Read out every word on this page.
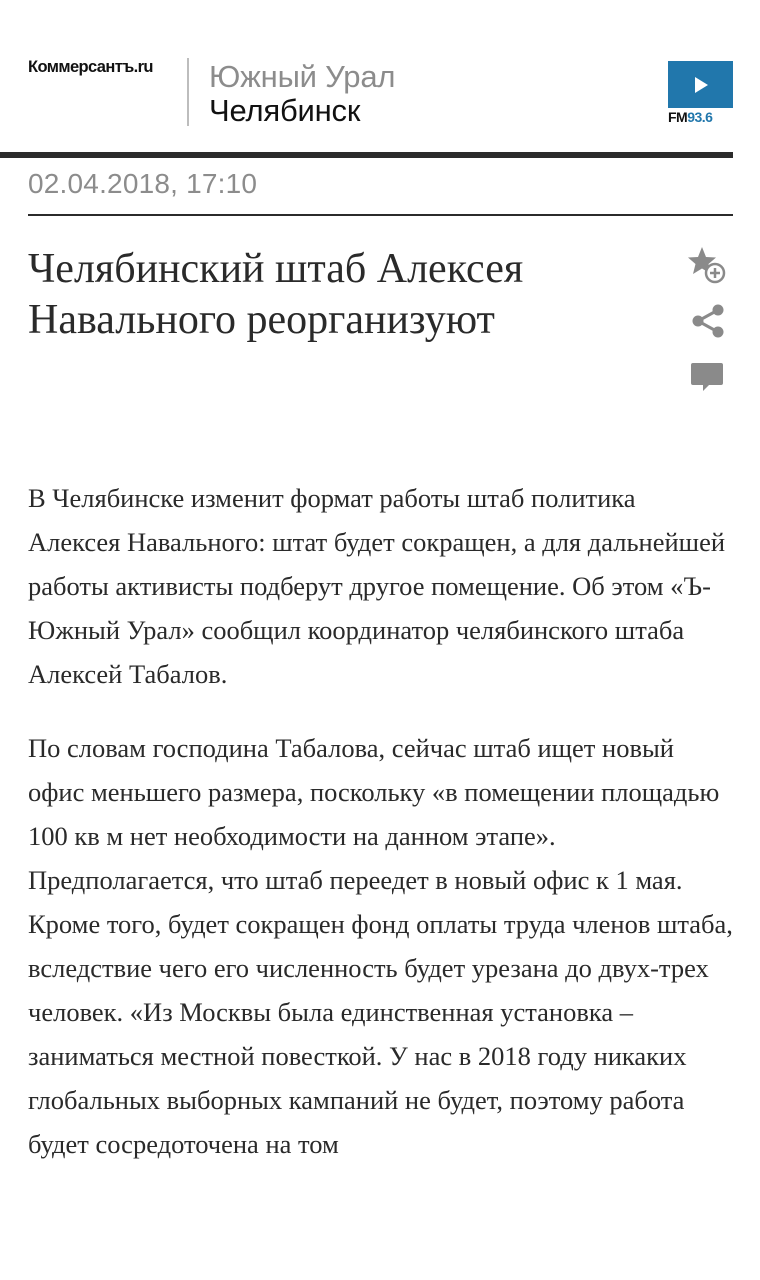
Коммерсантъ.ru Южный Урал
Челябинск	FM93.6
02.04.2018, 17:10
Челябинский штаб Алексея Навального реорганизуют

В Челябинске изменит формат работы штаб политика Алексея Навального: штат будет сокращен, а для дальнейшей работы активисты подберут другое помещение. Об этом «Ъ-Южный Урал» сообщил координатор челябинского штаба Алексей Табалов.

По словам господина Табалова, сейчас штаб ищет новый офис меньшего размера, поскольку «в помещении площадью 100 кв м нет необходимости на данном этапе». Предполагается, что штаб переедет в новый офис к 1 мая. Кроме того, будет сокращен фонд оплаты труда членов штаба, вследствие чего его численность будет урезана до двух-трех человек. «Из Москвы была единственная установка – заниматься местной повесткой. У нас в 2018 году никаких глобальных выборных кампаний не будет, поэтому работа будет сосредоточена на том
